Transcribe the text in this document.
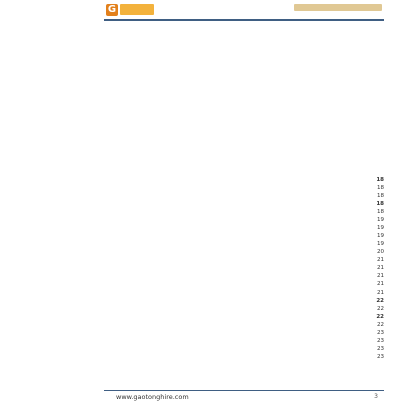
G
18
18
18
18
18
19
19
19
19
20
21
21
21
21
21
22
22
22
22
23
23
23
23
www.gaotonghire.com	3
